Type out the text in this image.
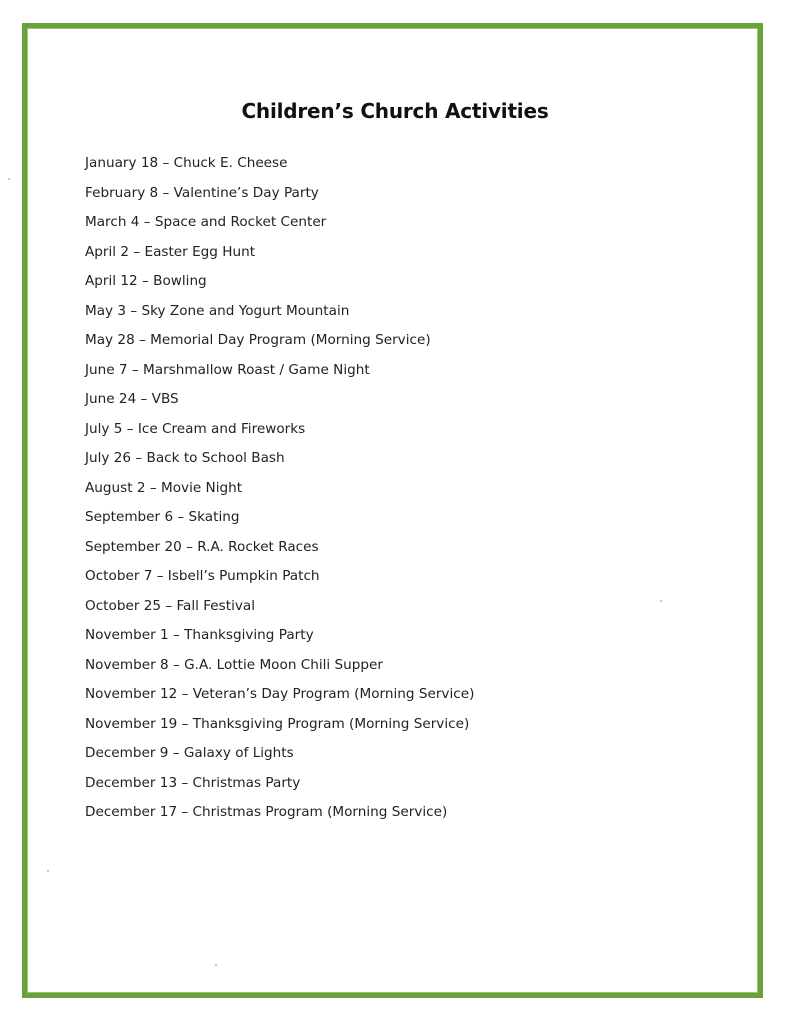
Children’s Church Activities
January 18 – Chuck E. Cheese
February 8 – Valentine’s Day Party
March 4 – Space and Rocket Center
April 2 – Easter Egg Hunt
April 12 – Bowling
May 3 – Sky Zone and Yogurt Mountain
May 28 – Memorial Day Program (Morning Service)
June 7 – Marshmallow Roast / Game Night
June 24 – VBS
July 5 – Ice Cream and Fireworks
July 26 – Back to School Bash
August 2 – Movie Night
September 6 – Skating
September 20 – R.A. Rocket Races
October 7 – Isbell’s Pumpkin Patch
October 25 – Fall Festival
November 1 – Thanksgiving Party
November 8 – G.A. Lottie Moon Chili Supper
November 12 – Veteran’s Day Program (Morning Service)
November 19 – Thanksgiving Program (Morning Service)
December 9 – Galaxy of Lights
December 13 – Christmas Party
December 17 – Christmas Program (Morning Service)
